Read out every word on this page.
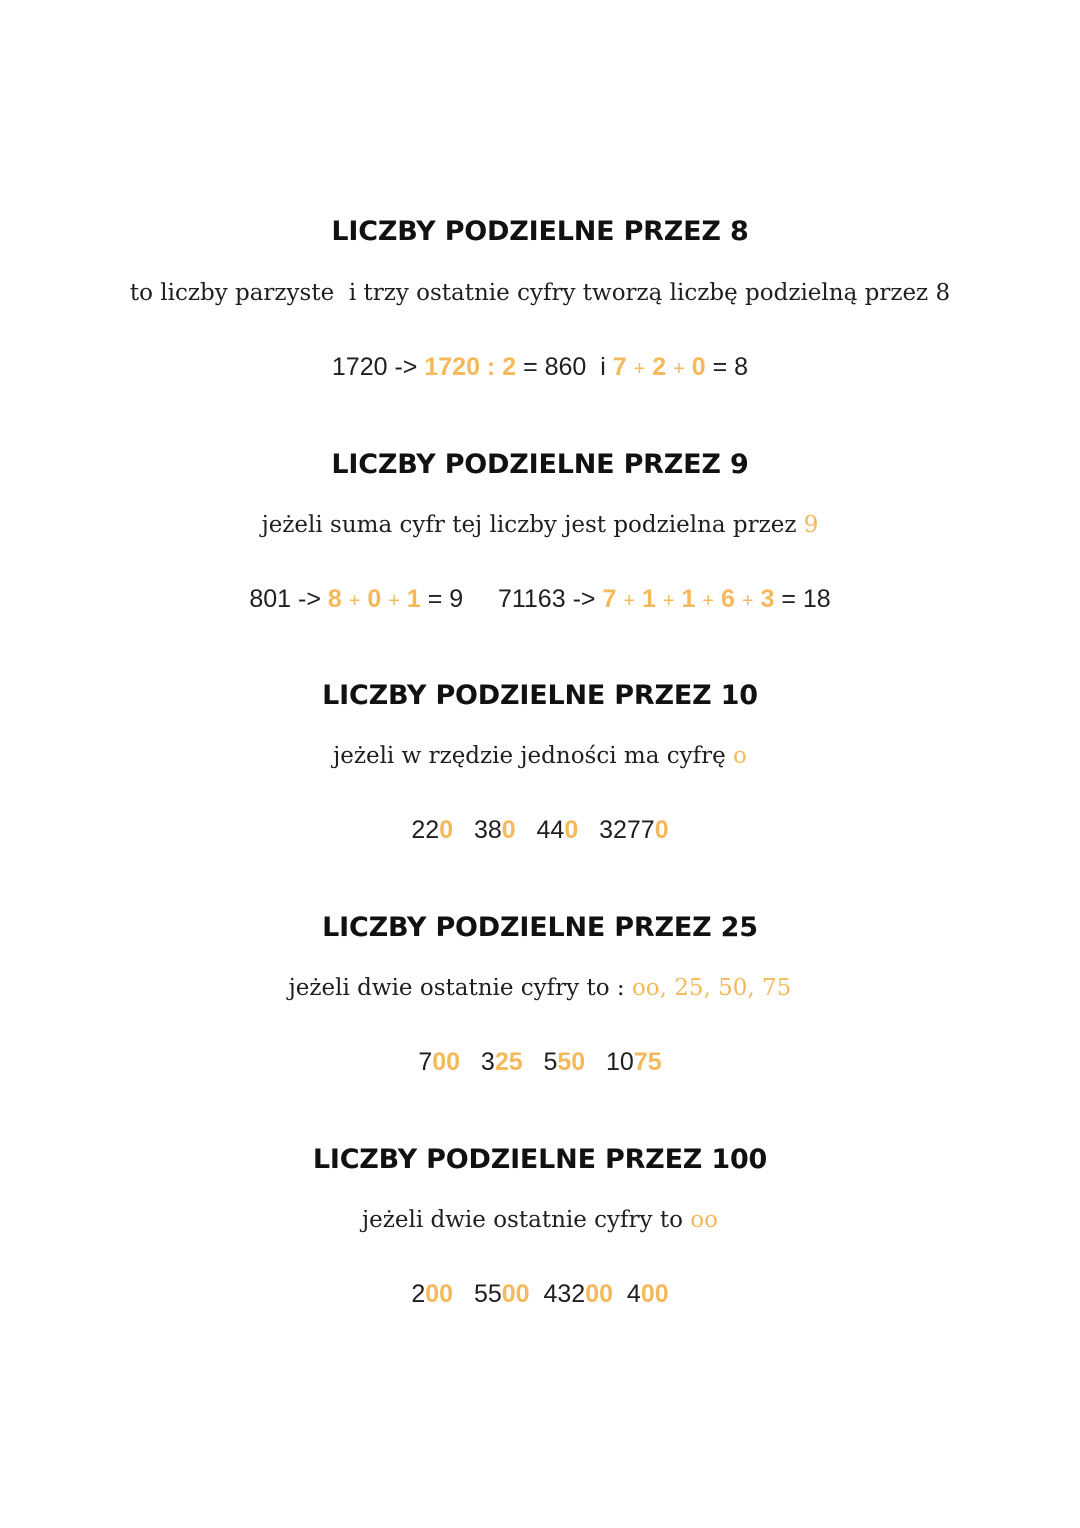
LICZBY PODZIELNE PRZEZ 8
to liczby parzyste  i trzy ostatnie cyfry tworzą liczbę podzielną przez 8
1720 -> 1720 : 2 = 860 i 7 + 2 + 0 = 8
LICZBY PODZIELNE PRZEZ 9
jeżeli suma cyfr tej liczby jest podzielna przez 9
801 -> 8 + 0 + 1 = 9 71163 -> 7 + 1 + 1 + 6 + 3 = 18
LICZBY PODZIELNE PRZEZ 10
jeżeli w rzędzie jedności ma cyfrę o
220 380 440 32770
LICZBY PODZIELNE PRZEZ 25
jeżeli dwie ostatnie cyfry to : oo, 25, 50, 75
700 325 550 1075
LICZBY PODZIELNE PRZEZ 100
jeżeli dwie ostatnie cyfry to oo
200 5500 43200 400
